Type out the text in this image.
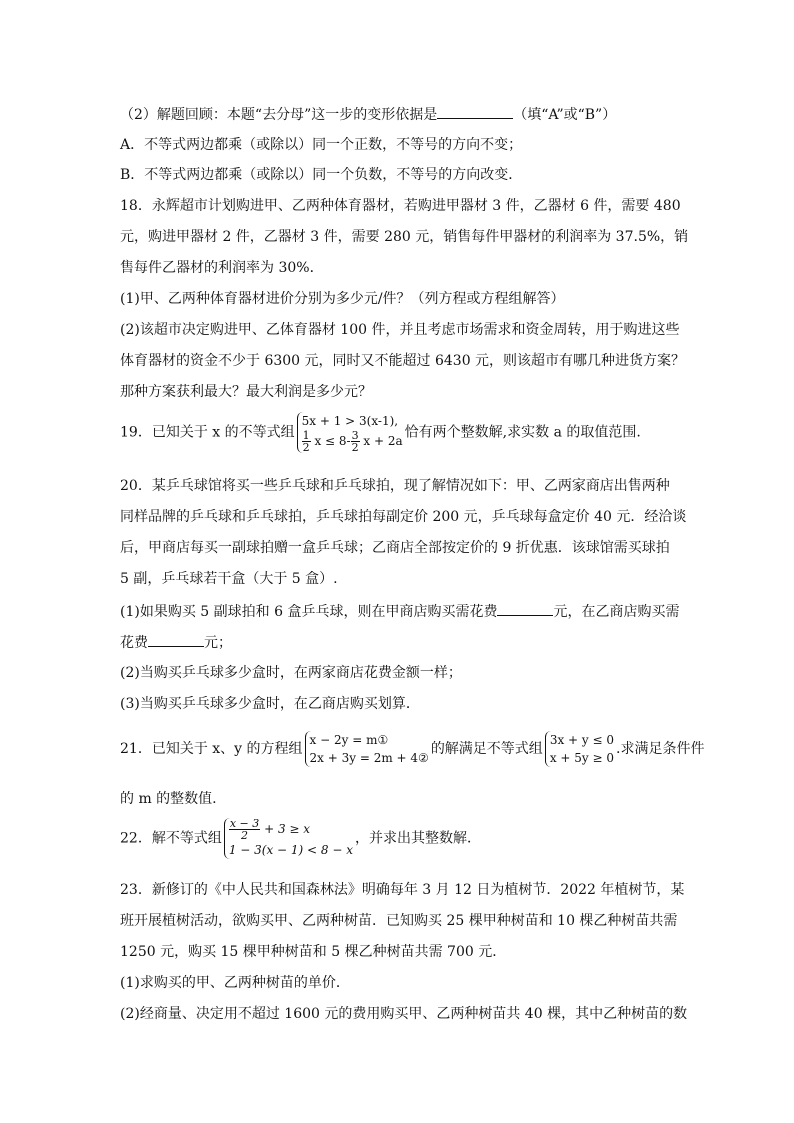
（2）解题回顾：本题“去分母”这一步的变形依据是	（填“A”或“B”）
A．不等式两边都乘（或除以）同一个正数，不等号的方向不变；
B．不等式两边都乘（或除以）同一个负数，不等号的方向改变．
18．永辉超市计划购进甲、乙两种体育器材，若购进甲器材 3 件，乙器材 6 件，需要 480
元，购进甲器材 2 件，乙器材 3 件，需要 280 元，销售每件甲器材的利润率为 37.5%，销
售每件乙器材的利润率为 30%．
(1)甲、乙两种体育器材进价分别为多少元/件？（列方程或方程组解答）
(2)该超市决定购进甲、乙体育器材 100 件，并且考虑市场需求和资金周转，用于购进这些
体育器材的资金不少于 6300 元，同时又不能超过 6430 元，则该超市有哪几种进货方案？
那种方案获利最大？最大利润是多少元？
19．已知关于 x 的不等式组
5x + 1 > 3(x-1),
$\frac{1}{2}$ $x \le 8- \frac{3}{2}$ x + 2a
恰有两个整数解,求实数 a 的取值范围.
20．某乒乓球馆将买一些乒乓球和乒乓球拍，现了解情况如下：甲、乙两家商店出售两种
同样品牌的乒乓球和乒乓球拍，乒乓球拍每副定价 200 元，乒乓球每盒定价 40 元．经洽谈
后，甲商店每买一副球拍赠一盒乒乓球；乙商店全部按定价的 9 折优惠．该球馆需买球拍
5 副，乒乓球若干盒（大于 5 盒）.
(1)如果购买 5 副球拍和 6 盒乒乓球，则在甲商店购买需花费	元，在乙商店购买需
花费	元；
(2)当购买乒乓球多少盒时，在两家商店花费金额一样；
(3)当购买乒乓球多少盒时，在乙商店购买划算．
21．已知关于 x、y 的方程组
x − 2y = m①
2x + 3y = 2m + 4②
的解满足不等式组
3x + y ≤ 0
x + 5y ≥ 0
.求满足条件件
的 m 的整数值.
22．解不等式组 $\frac{x - 3}{2} + 3 \ge x$
1 − 3(x − 1) < 8 − x
，并求出其整数解．
23．新修订的《中人民共和国森林法》明确每年 3 月 12 日为植树节．2022 年植树节，某
班开展植树活动，欲购买甲、乙两种树苗．已知购买 25 棵甲种树苗和 10 棵乙种树苗共需
1250 元，购买 15 棵甲种树苗和 5 棵乙种树苗共需 700 元．
(1)求购买的甲、乙两种树苗的单价．
(2)经商量、决定用不超过 1600 元的费用购买甲、乙两种树苗共 40 棵，其中乙种树苗的数
